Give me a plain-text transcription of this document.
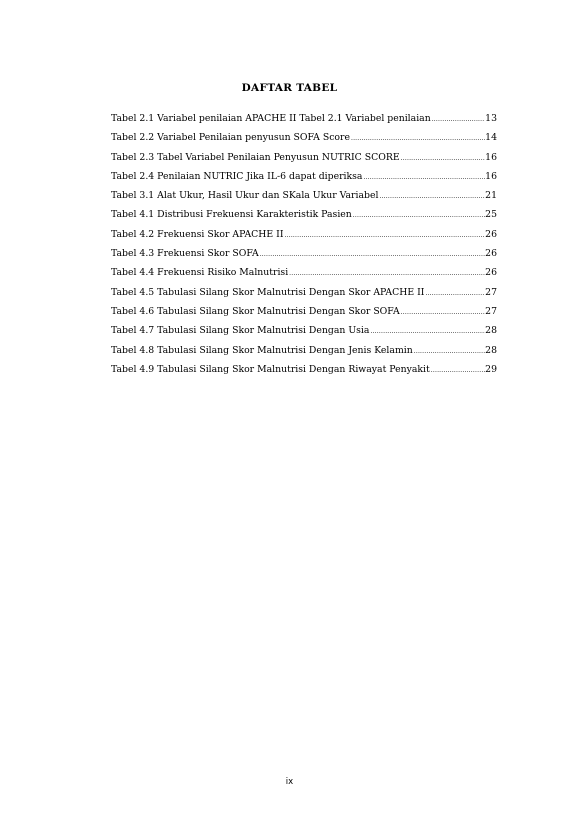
DAFTAR TABEL
Tabel 2.1 Variabel penilaian APACHE II Tabel 2.1 Variabel penilaian .....	13
Tabel 2.2 Variabel Penilaian penyusun SOFA Score .....	14
Tabel 2.3 Tabel Variabel Penilaian Penyusun NUTRIC SCORE .....	16
Tabel 2.4 Penilaian NUTRIC Jika IL-6 dapat diperiksa .....	16
Tabel 3.1 Alat Ukur, Hasil Ukur dan SKala Ukur Variabel .....	21
Tabel 4.1 Distribusi Frekuensi Karakteristik Pasien .....	25
Tabel 4.2 Frekuensi Skor APACHE II .....	26
Tabel 4.3 Frekuensi Skor SOFA .....	26
Tabel 4.4 Frekuensi Risiko Malnutrisi .....	26
Tabel 4.5 Tabulasi Silang Skor Malnutrisi Dengan Skor APACHE II .....	27
Tabel 4.6 Tabulasi Silang Skor Malnutrisi Dengan Skor SOFA .....	27
Tabel 4.7 Tabulasi Silang Skor Malnutrisi Dengan Usia .....	28
Tabel 4.8 Tabulasi Silang Skor Malnutrisi Dengan Jenis Kelamin .....	28
Tabel 4.9 Tabulasi Silang Skor Malnutrisi Dengan Riwayat Penyakit .....	29
ix
